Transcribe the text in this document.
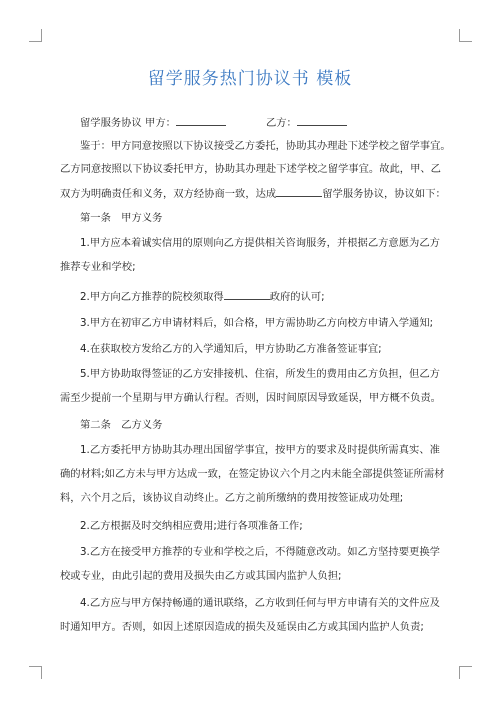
留学服务热门协议书 模板
留学服务协议 甲方：	乙方：
鉴于：甲方同意按照以下协议接受乙方委托，协助其办理赴下述学校之留学事宜。
乙方同意按照以下协议委托甲方，协助其办理赴下述学校之留学事宜。故此，甲、乙
双方为明确责任和义务，双方经协商一致，达成	留学服务协议，协议如下：
第一条　甲方义务
1.甲方应本着诚实信用的原则向乙方提供相关咨询服务，并根据乙方意愿为乙方
推荐专业和学校;
2.甲方向乙方推荐的院校须取得	政府的认可;
3.甲方在初审乙方申请材料后，如合格，甲方需协助乙方向校方申请入学通知;
4.在获取校方发给乙方的入学通知后，甲方协助乙方准备签证事宜;
5.甲方协助取得签证的乙方安排接机、住宿，所发生的费用由乙方负担，但乙方
需至少提前一个星期与甲方确认行程。否则，因时间原因导致延误，甲方概不负责。
第二条　乙方义务
1.乙方委托甲方协助其办理出国留学事宜，按甲方的要求及时提供所需真实、准
确的材料;如乙方未与甲方达成一致，在签定协议六个月之内未能全部提供签证所需材
料，六个月之后，该协议自动终止。乙方之前所缴纳的费用按签证成功处理;
2.乙方根据及时交纳相应费用;进行各项准备工作;
3.乙方在接受甲方推荐的专业和学校之后，不得随意改动。如乙方坚持要更换学
校或专业，由此引起的费用及损失由乙方或其国内监护人负担;
4.乙方应与甲方保持畅通的通讯联络，乙方收到任何与甲方申请有关的文件应及
时通知甲方。否则，如因上述原因造成的损失及延误由乙方或其国内监护人负责;
